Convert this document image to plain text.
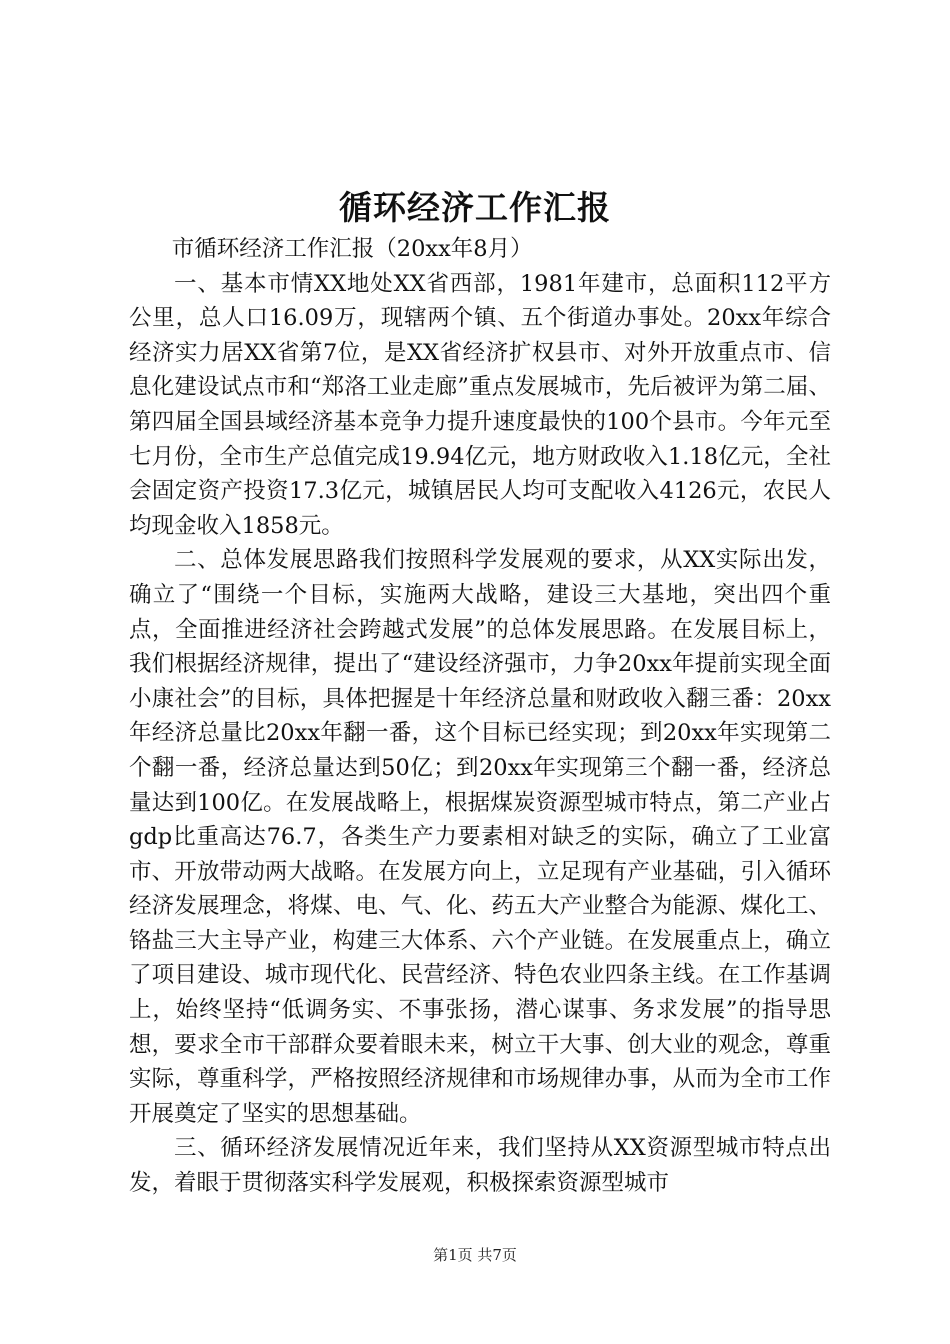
循环经济工作汇报

市循环经济工作汇报（20xx年8月）

一、基本市情XX地处XX省西部，1981年建市，总面积112平方公里，总人口16.09万，现辖两个镇、五个街道办事处。20xx年综合经济实力居XX省第7位，是XX省经济扩权县市、对外开放重点市、信息化建设试点市和“郑洛工业走廊”重点发展城市，先后被评为第二届、第四届全国县域经济基本竞争力提升速度最快的100个县市。今年元至七月份，全市生产总值完成19.94亿元，地方财政收入1.18亿元，全社会固定资产投资17.3亿元，城镇居民人均可支配收入4126元，农民人均现金收入1858元。

二、总体发展思路我们按照科学发展观的要求，从XX实际出发，确立了“围绕一个目标，实施两大战略，建设三大基地，突出四个重点，全面推进经济社会跨越式发展”的总体发展思路。在发展目标上，我们根据经济规律，提出了“建设经济强市，力争20xx年提前实现全面小康社会”的目标，具体把握是十年经济总量和财政收入翻三番：20xx年经济总量比20xx年翻一番，这个目标已经实现；到20xx年实现第二个翻一番，经济总量达到50亿；到20xx年实现第三个翻一番，经济总量达到100亿。在发展战略上，根据煤炭资源型城市特点，第二产业占gdp比重高达76.7，各类生产力要素相对缺乏的实际，确立了工业富市、开放带动两大战略。在发展方向上，立足现有产业基础，引入循环经济发展理念，将煤、电、气、化、药五大产业整合为能源、煤化工、铬盐三大主导产业，构建三大体系、六个产业链。在发展重点上，确立了项目建设、城市现代化、民营经济、特色农业四条主线。在工作基调上，始终坚持“低调务实、不事张扬，潜心谋事、务求发展”的指导思想，要求全市干部群众要着眼未来，树立干大事、创大业的观念，尊重实际，尊重科学，严格按照经济规律和市场规律办事，从而为全市工作开展奠定了坚实的思想基础。

三、循环经济发展情况近年来，我们坚持从XX资源型城市特点出发，着眼于贯彻落实科学发展观，积极探索资源型城市

第1页 共7页
